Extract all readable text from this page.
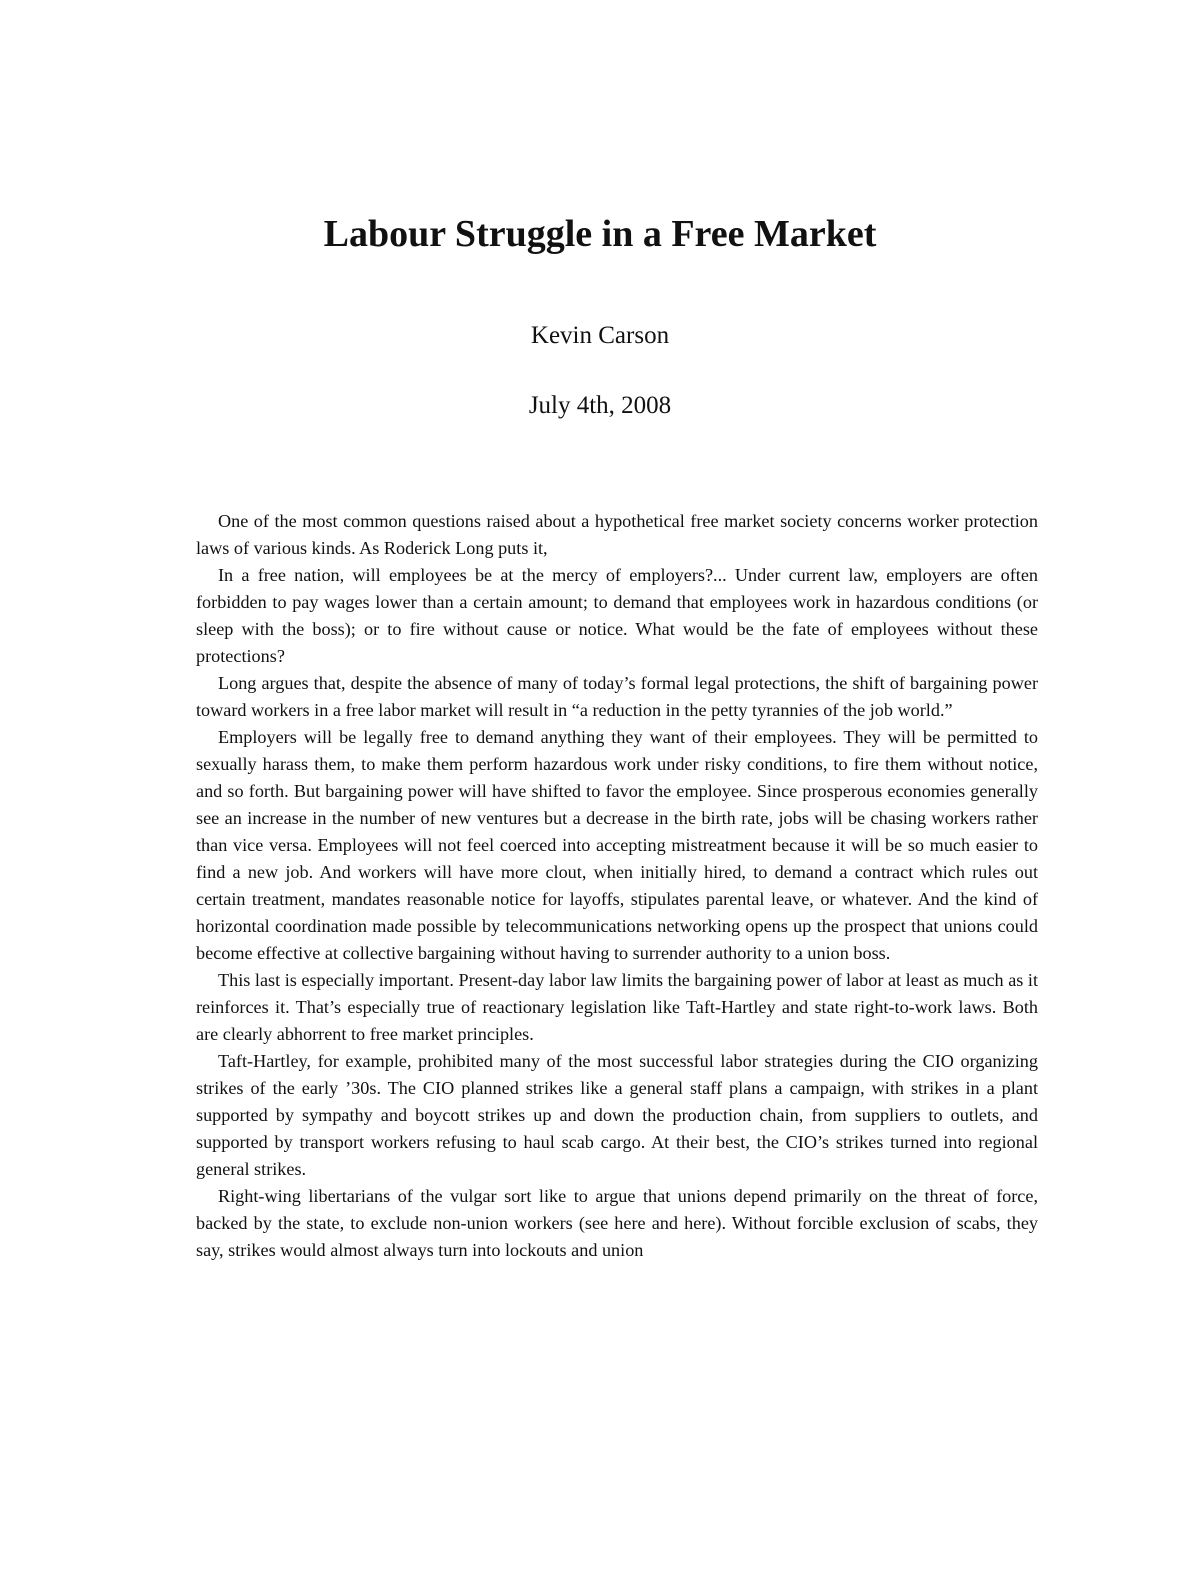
Labour Struggle in a Free Market
Kevin Carson
July 4th, 2008

One of the most common questions raised about a hypothetical free market society concerns worker protection laws of various kinds. As Roderick Long puts it,

In a free nation, will employees be at the mercy of employers?... Under current law, employers are often forbidden to pay wages lower than a certain amount; to demand that employees work in hazardous conditions (or sleep with the boss); or to fire without cause or notice. What would be the fate of employees without these protections?

Long argues that, despite the absence of many of today’s formal legal protections, the shift of bargaining power toward workers in a free labor market will result in “a reduction in the petty tyrannies of the job world.”

Employers will be legally free to demand anything they want of their employees. They will be permitted to sexually harass them, to make them perform hazardous work under risky conditions, to fire them without notice, and so forth. But bargaining power will have shifted to favor the employee. Since prosperous economies generally see an increase in the number of new ventures but a decrease in the birth rate, jobs will be chasing workers rather than vice versa. Employees will not feel coerced into accepting mistreatment because it will be so much easier to find a new job. And workers will have more clout, when initially hired, to demand a contract which rules out certain treatment, mandates reasonable notice for layoffs, stipulates parental leave, or whatever. And the kind of horizontal coordination made possible by telecommunications networking opens up the prospect that unions could become effective at collective bargaining without having to surrender authority to a union boss.

This last is especially important. Present-day labor law limits the bargaining power of labor at least as much as it reinforces it. That’s especially true of reactionary legislation like Taft-Hartley and state right-to-work laws. Both are clearly abhorrent to free market principles.

Taft-Hartley, for example, prohibited many of the most successful labor strategies during the CIO organizing strikes of the early ’30s. The CIO planned strikes like a general staff plans a campaign, with strikes in a plant supported by sympathy and boycott strikes up and down the production chain, from suppliers to outlets, and supported by transport workers refusing to haul scab cargo. At their best, the CIO’s strikes turned into regional general strikes.

Right-wing libertarians of the vulgar sort like to argue that unions depend primarily on the threat of force, backed by the state, to exclude non-union workers (see here and here). Without forcible exclusion of scabs, they say, strikes would almost always turn into lockouts and union
